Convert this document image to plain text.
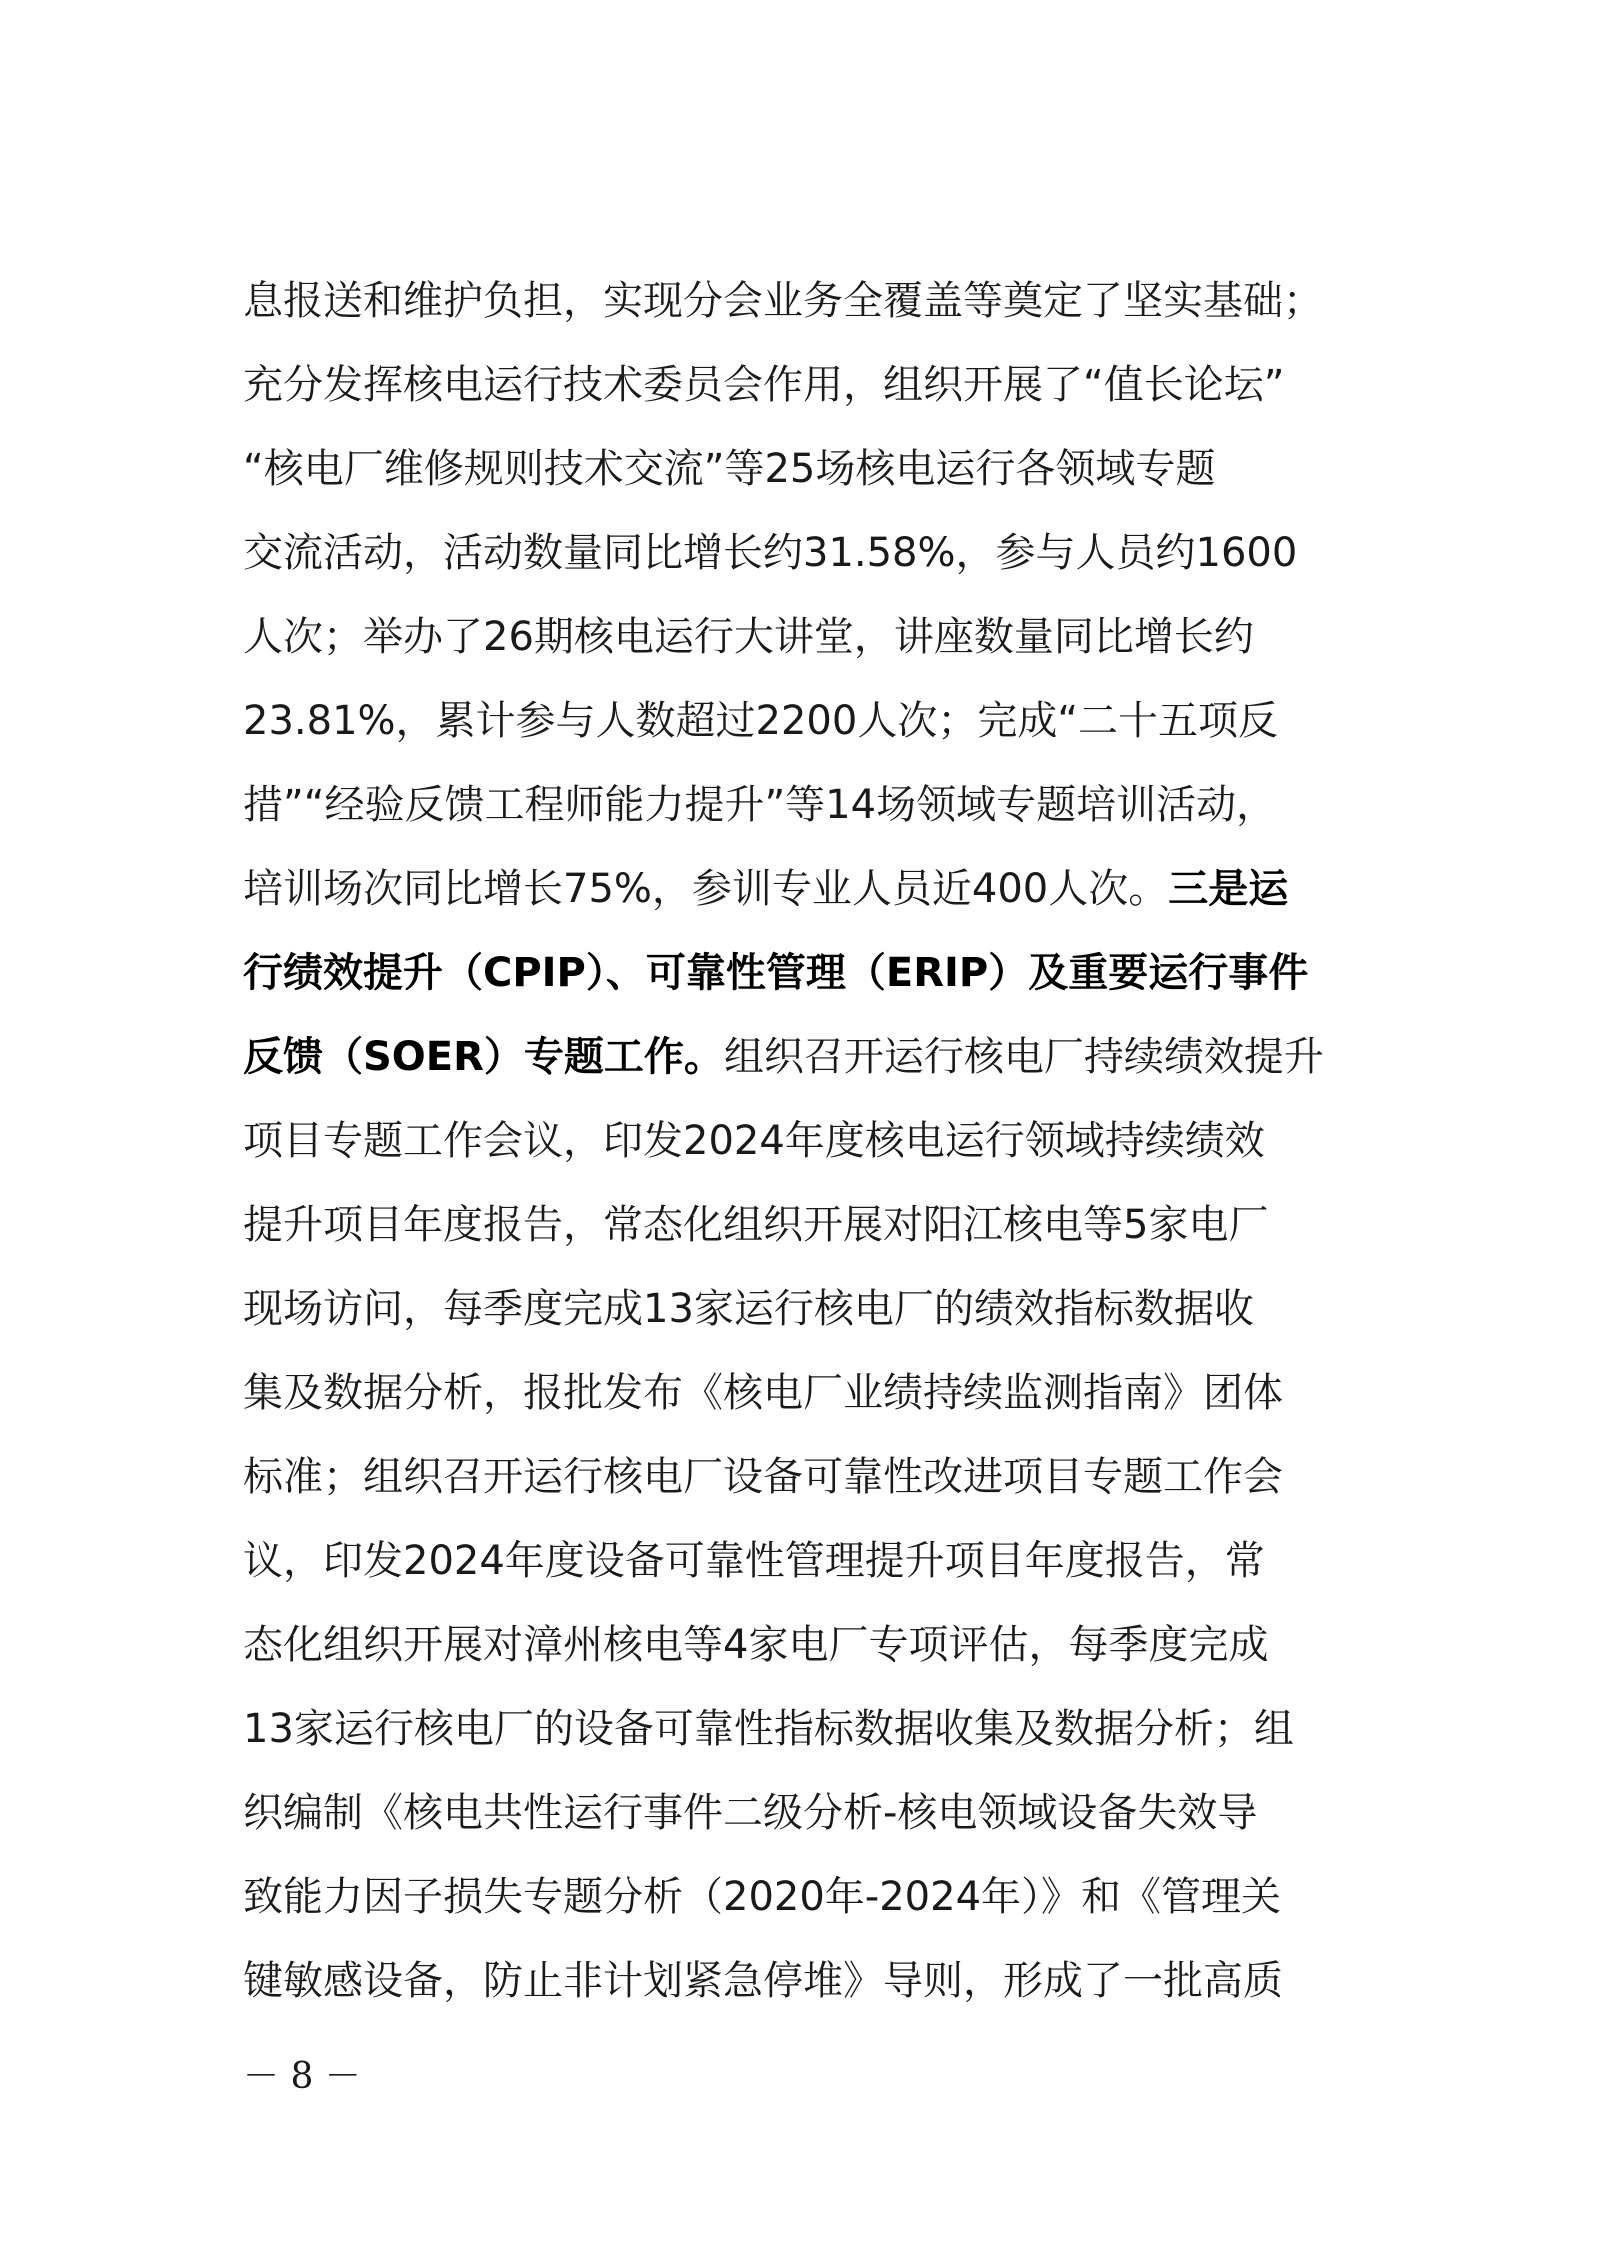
息报送和维护负担，实现分会业务全覆盖等奠定了坚实基础；
充分发挥核电运行技术委员会作用，组织开展了“值长论坛”
“核电厂维修规则技术交流”等25场核电运行各领域专题
交流活动，活动数量同比增长约31.58%，参与人员约1600
人次；举办了26期核电运行大讲堂，讲座数量同比增长约
23.81%，累计参与人数超过2200人次；完成“二十五项反
措”“经验反馈工程师能力提升”等14场领域专题培训活动，
培训场次同比增长75%，参训专业人员近400人次。三是运
行绩效提升（CPIP）、可靠性管理（ERIP）及重要运行事件
反馈（SOER）专题工作。组织召开运行核电厂持续绩效提升
项目专题工作会议，印发2024年度核电运行领域持续绩效
提升项目年度报告，常态化组织开展对阳江核电等5家电厂
现场访问，每季度完成13家运行核电厂的绩效指标数据收
集及数据分析，报批发布《核电厂业绩持续监测指南》团体
标准；组织召开运行核电厂设备可靠性改进项目专题工作会
议，印发2024年度设备可靠性管理提升项目年度报告，常
态化组织开展对漳州核电等4家电厂专项评估，每季度完成
13家运行核电厂的设备可靠性指标数据收集及数据分析；组
织编制《核电共性运行事件二级分析-核电领域设备失效导
致能力因子损失专题分析（2020年-2024年）》和《管理关
键敏感设备，防止非计划紧急停堆》导则，形成了一批高质
－ 8 －
